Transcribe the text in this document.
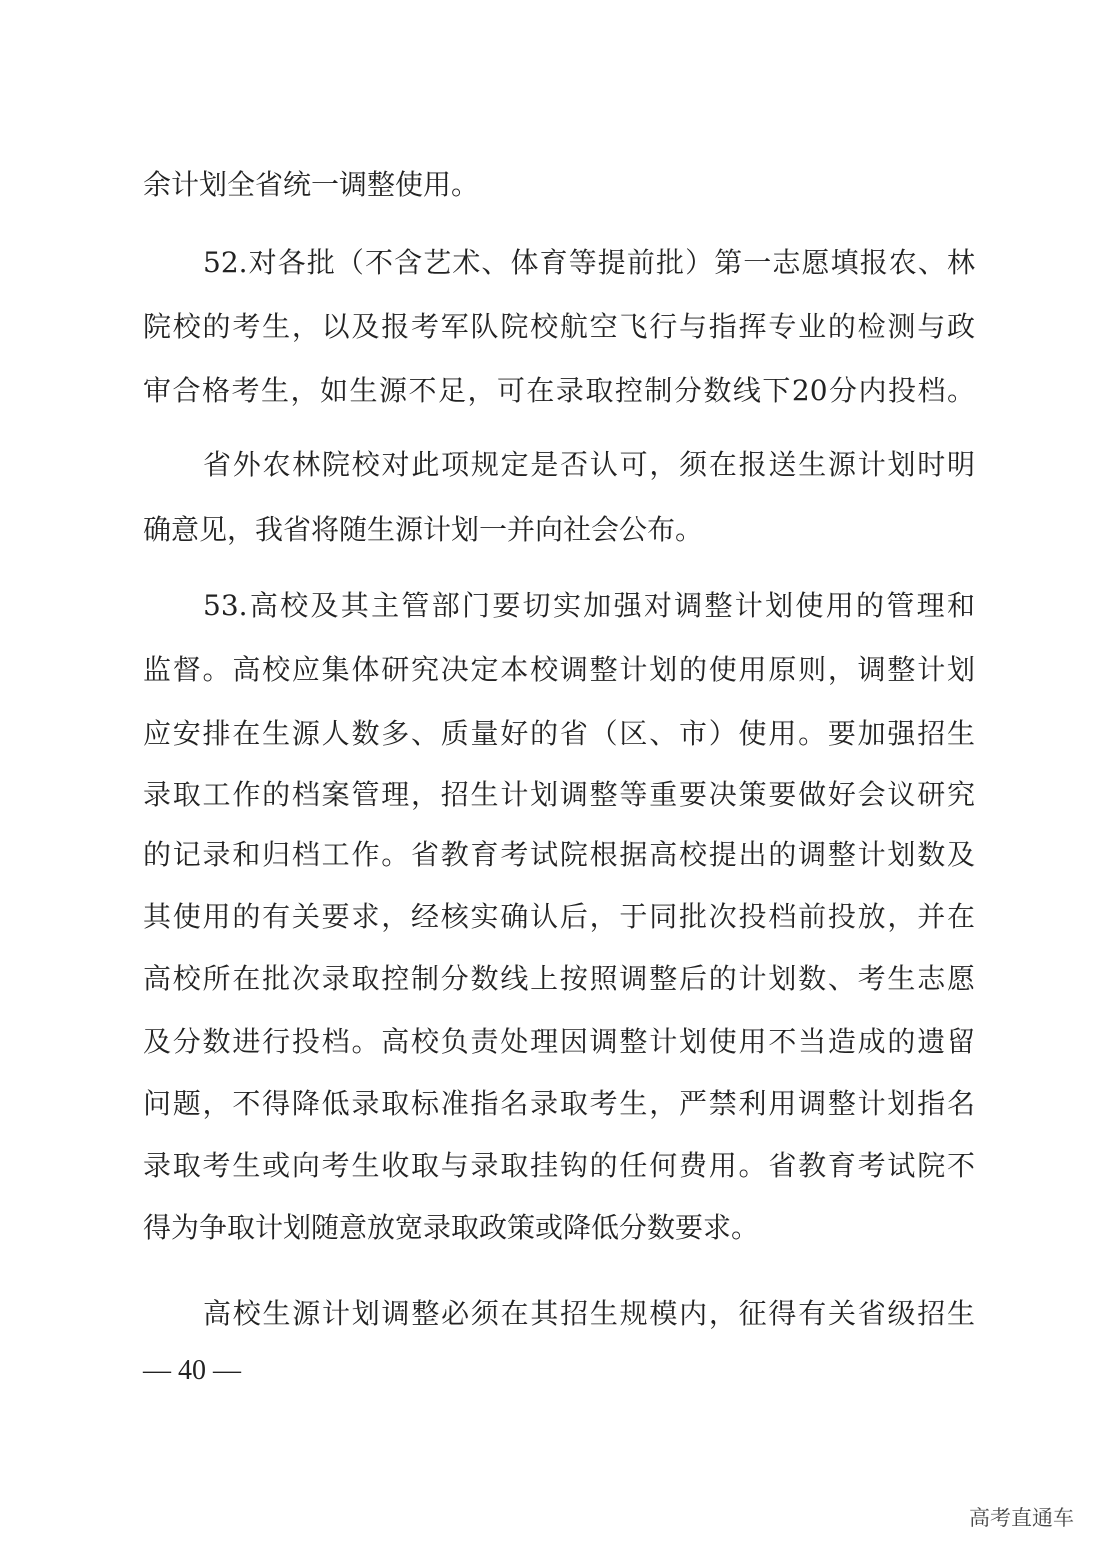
余计划全省统一调整使用。
52.对各批（不含艺术、体育等提前批）第一志愿填报农、林
院校的考生，以及报考军队院校航空飞行与指挥专业的检测与政
审合格考生，如生源不足，可在录取控制分数线下20分内投档。
省外农林院校对此项规定是否认可，须在报送生源计划时明
确意见，我省将随生源计划一并向社会公布。
53.高校及其主管部门要切实加强对调整计划使用的管理和
监督。高校应集体研究决定本校调整计划的使用原则，调整计划
应安排在生源人数多、质量好的省（区、市）使用。要加强招生
录取工作的档案管理，招生计划调整等重要决策要做好会议研究
的记录和归档工作。省教育考试院根据高校提出的调整计划数及
其使用的有关要求，经核实确认后，于同批次投档前投放，并在
高校所在批次录取控制分数线上按照调整后的计划数、考生志愿
及分数进行投档。高校负责处理因调整计划使用不当造成的遗留
问题，不得降低录取标准指名录取考生，严禁利用调整计划指名
录取考生或向考生收取与录取挂钩的任何费用。省教育考试院不
得为争取计划随意放宽录取政策或降低分数要求。
高校生源计划调整必须在其招生规模内，征得有关省级招生
— 40 —
高考直通车
